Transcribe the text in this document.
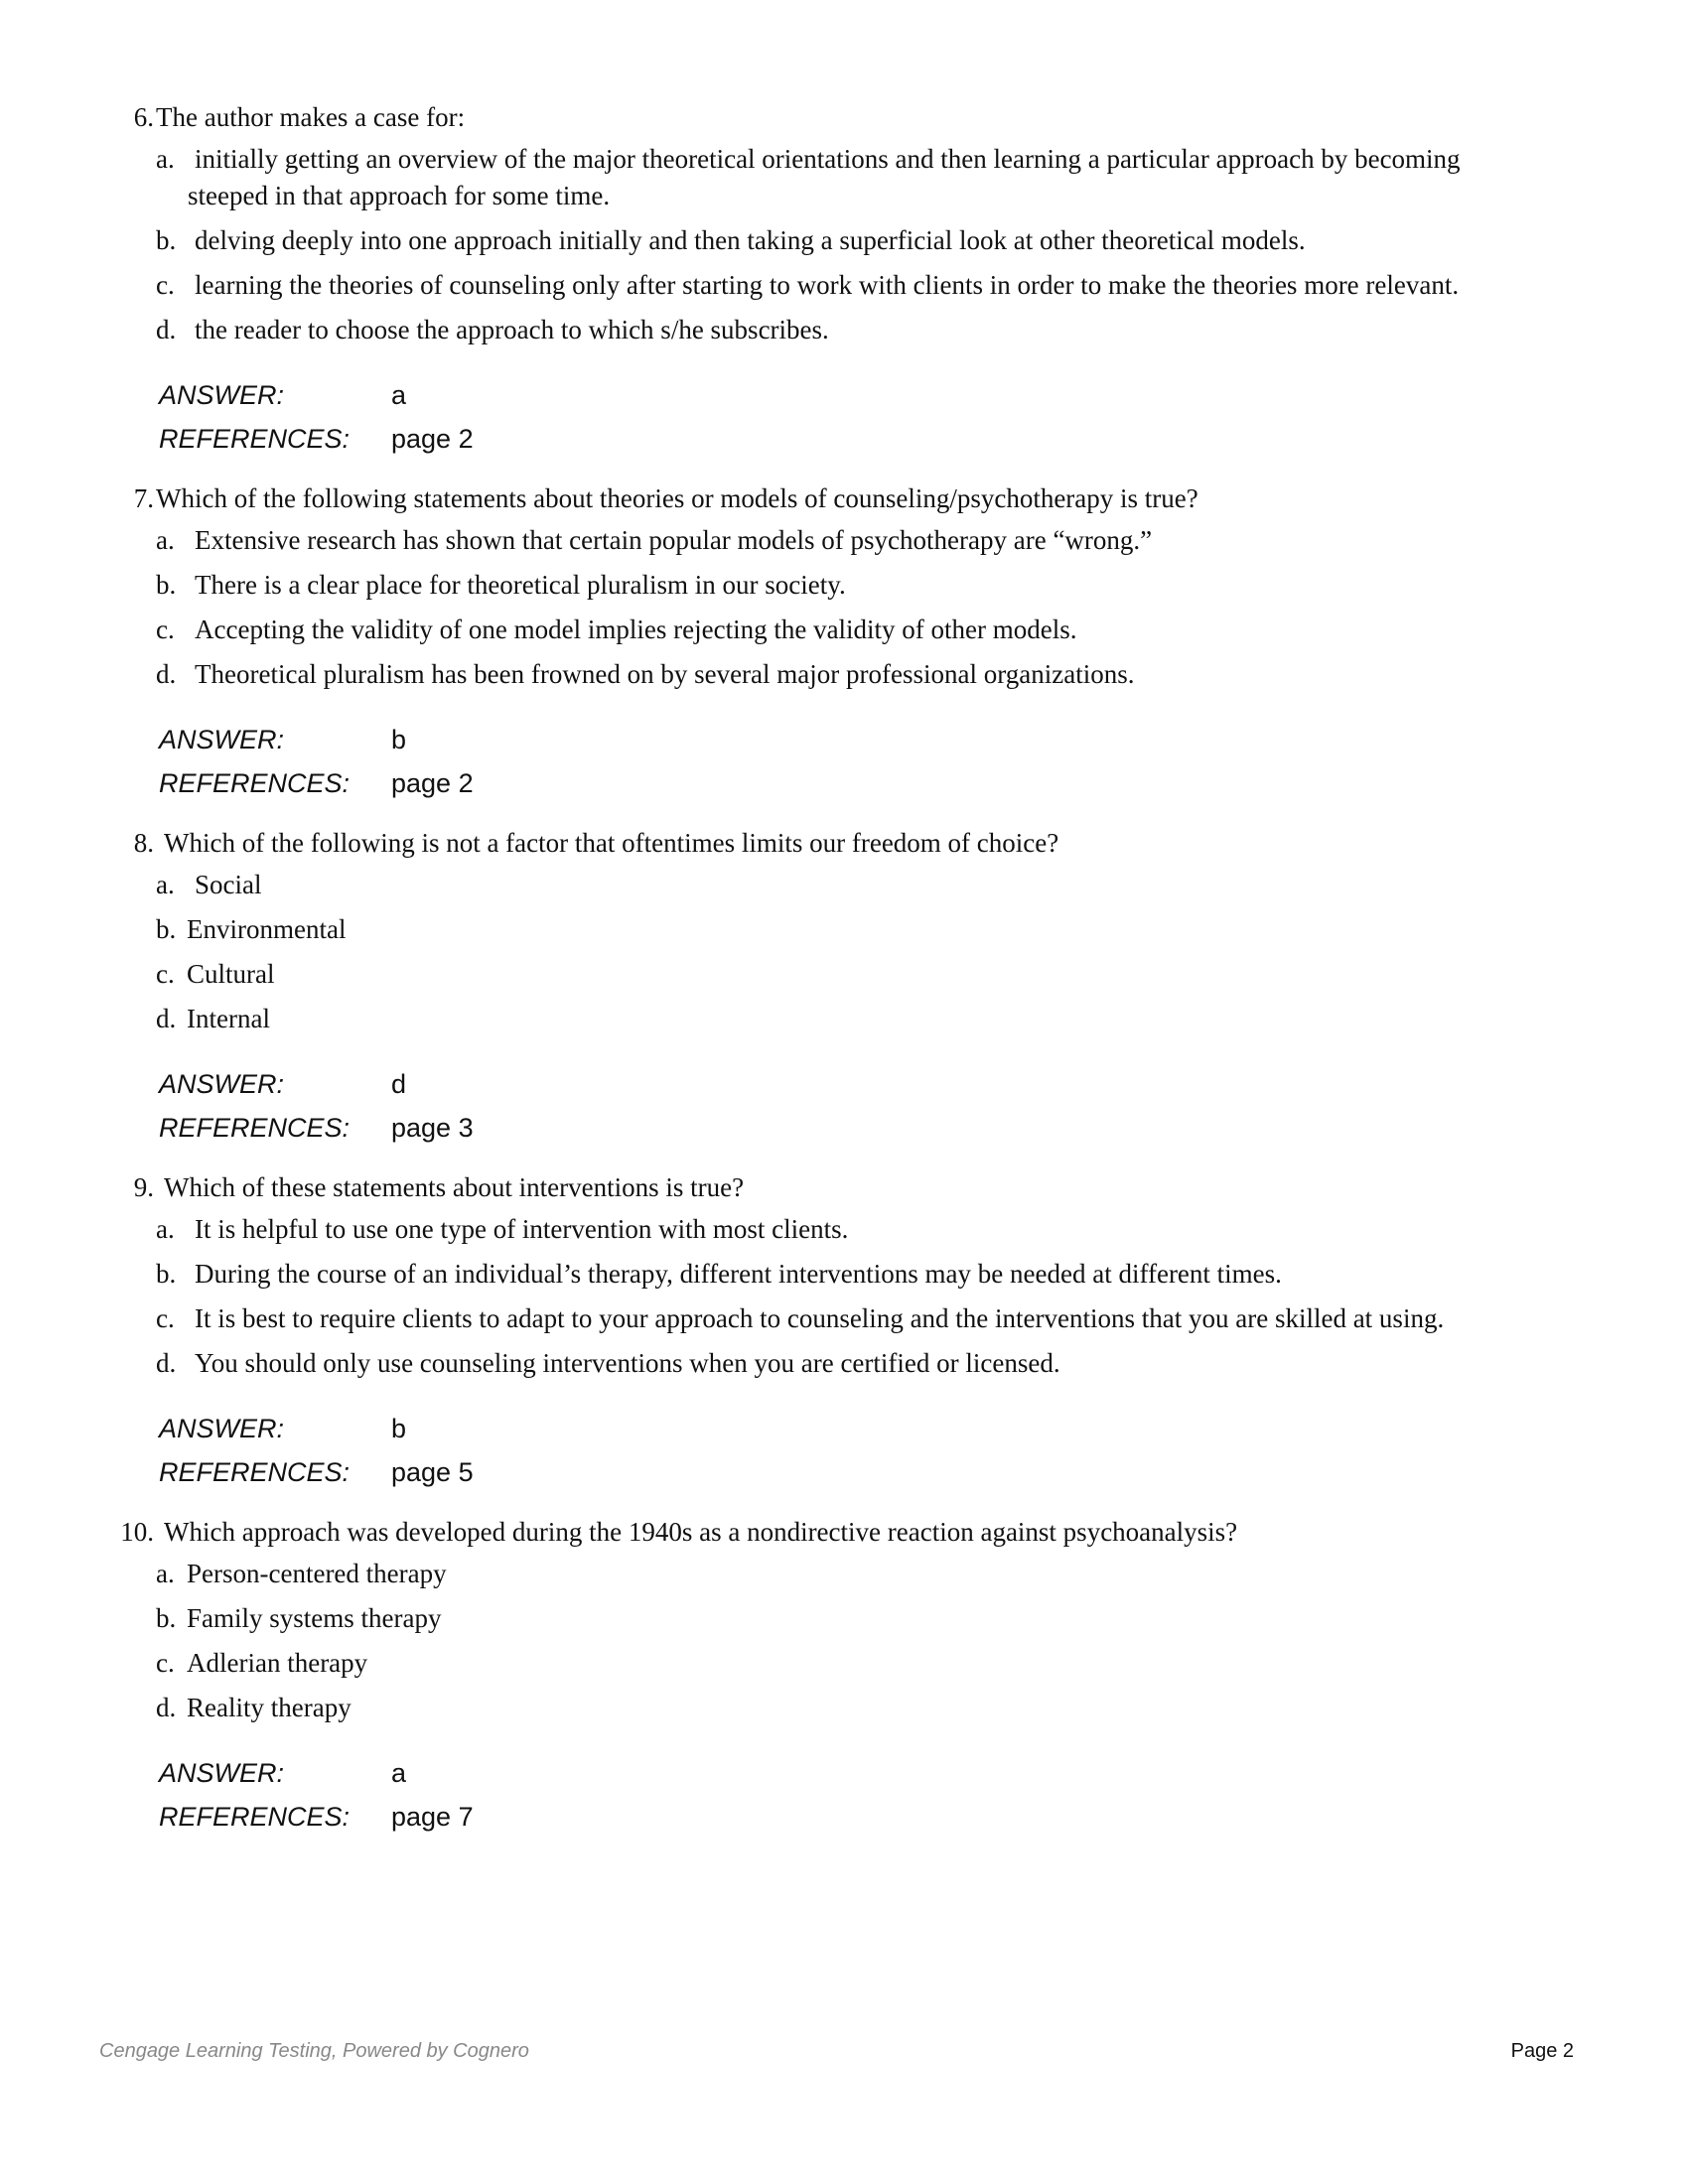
6. The author makes a case for:
a. initially getting an overview of the major theoretical orientations and then learning a particular approach by becoming steeped in that approach for some time.
b. delving deeply into one approach initially and then taking a superficial look at other theoretical models.
c. learning the theories of counseling only after starting to work with clients in order to make the theories more relevant.
d. the reader to choose the approach to which s/he subscribes.
ANSWER:	a
REFERENCES:	page 2
7. Which of the following statements about theories or models of counseling/psychotherapy is true?
a. Extensive research has shown that certain popular models of psychotherapy are “wrong.”
b. There is a clear place for theoretical pluralism in our society.
c. Accepting the validity of one model implies rejecting the validity of other models.
d. Theoretical pluralism has been frowned on by several major professional organizations.
ANSWER:	b
REFERENCES:	page 2
8. Which of the following is not a factor that oftentimes limits our freedom of choice?
a. Social
b. Environmental
c. Cultural
d. Internal
ANSWER:	d
REFERENCES:	page 3
9. Which of these statements about interventions is true?
a. It is helpful to use one type of intervention with most clients.
b. During the course of an individual’s therapy, different interventions may be needed at different times.
c. It is best to require clients to adapt to your approach to counseling and the interventions that you are skilled at using.
d. You should only use counseling interventions when you are certified or licensed.
ANSWER:	b
REFERENCES:	page 5
10. Which approach was developed during the 1940s as a nondirective reaction against psychoanalysis?
a. Person-centered therapy
b. Family systems therapy
c. Adlerian therapy
d. Reality therapy
ANSWER:	a
REFERENCES:	page 7
Cengage Learning Testing, Powered by Cognero	Page 2
